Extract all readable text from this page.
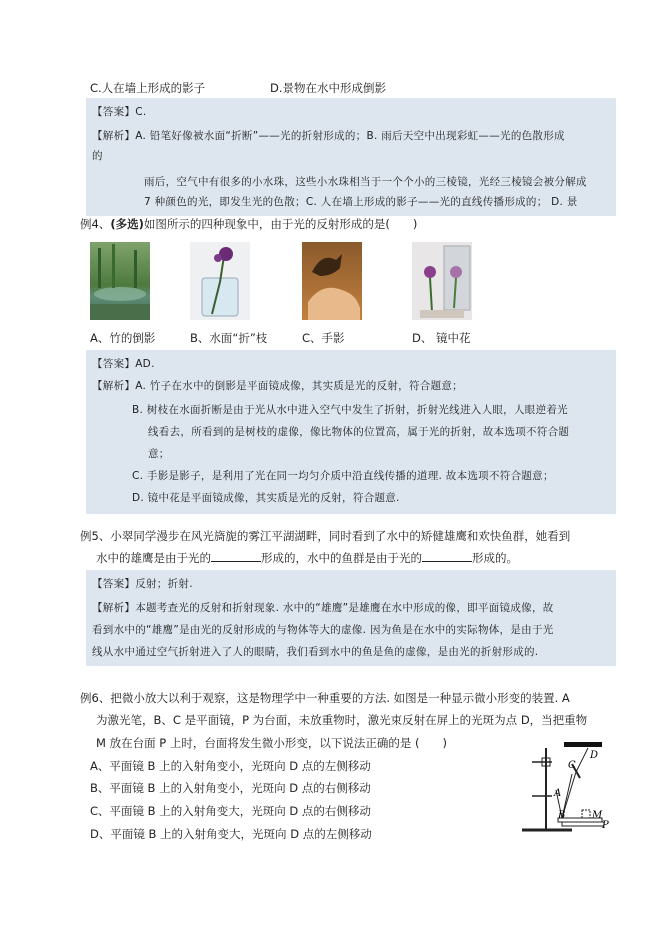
C.人在墙上形成的影子	D.景物在水中形成倒影
【答案】C.
【解析】A. 铅笔好像被水面“折断”——光的折射形成的；B. 雨后天空中出现彩虹——光的色散形成
的
雨后，空气中有很多的小水珠，这些小水珠相当于一个个小的三棱镜，光经三棱镜会被分解成
7 种颜色的光，即发生光的色散；C. 人在墙上形成的影子——光的直线传播形成的； D. 景
例4、(多选)如图所示的四种现象中，由于光的反射形成的是(　　)
A、竹的倒影	B、水面“折”枝	C、手影	D、 镜中花
【答案】AD.
【解析】A. 竹子在水中的倒影是平面镜成像，其实质是光的反射，符合题意；
B. 树枝在水面折断是由于光从水中进入空气中发生了折射，折射光线进入人眼，人眼逆着光
线看去，所看到的是树枝的虚像，像比物体的位置高，属于光的折射，故本选项不符合题
意；
C. 手影是影子，是利用了光在同一均匀介质中沿直线传播的道理. 故本选项不符合题意；
D. 镜中花是平面镜成像，其实质是光的反射，符合题意.
例5、小翠同学漫步在风光旖旎的雾江平湖湖畔，同时看到了水中的矫健雄鹰和欢快鱼群，她看到
水中的雄鹰是由于光的	形成的，水中的鱼群是由于光的	形成的。
【答案】反射；折射.
【解析】本题考查光的反射和折射现象. 水中的“雄鹰”是雄鹰在水中形成的像，即平面镜成像，故
看到水中的“雄鹰”是由光的反射形成的与物体等大的虚像. 因为鱼是在水中的实际物体，是由于光
线从水中通过空气折射进入了人的眼睛，我们看到水中的鱼是鱼的虚像，是由光的折射形成的.
例6、把微小放大以利于观察，这是物理学中一种重要的方法. 如图是一种显示微小形变的装置. A
为激光笔，B、C 是平面镜，P 为台面，未放重物时，激光束反射在屏上的光斑为点 D，当把重物
M 放在台面 P 上时，台面将发生微小形变，以下说法正确的是 (　　)
A、平面镜 B 上的入射角变小，光斑向 D 点的左侧移动
B、平面镜 B 上的入射角变小，光斑向 D 点的右侧移动
C、平面镜 B 上的入射角变大，光斑向 D 点的右侧移动
D、平面镜 B 上的入射角变大，光斑向 D 点的左侧移动
D
C
A
B	M
P
